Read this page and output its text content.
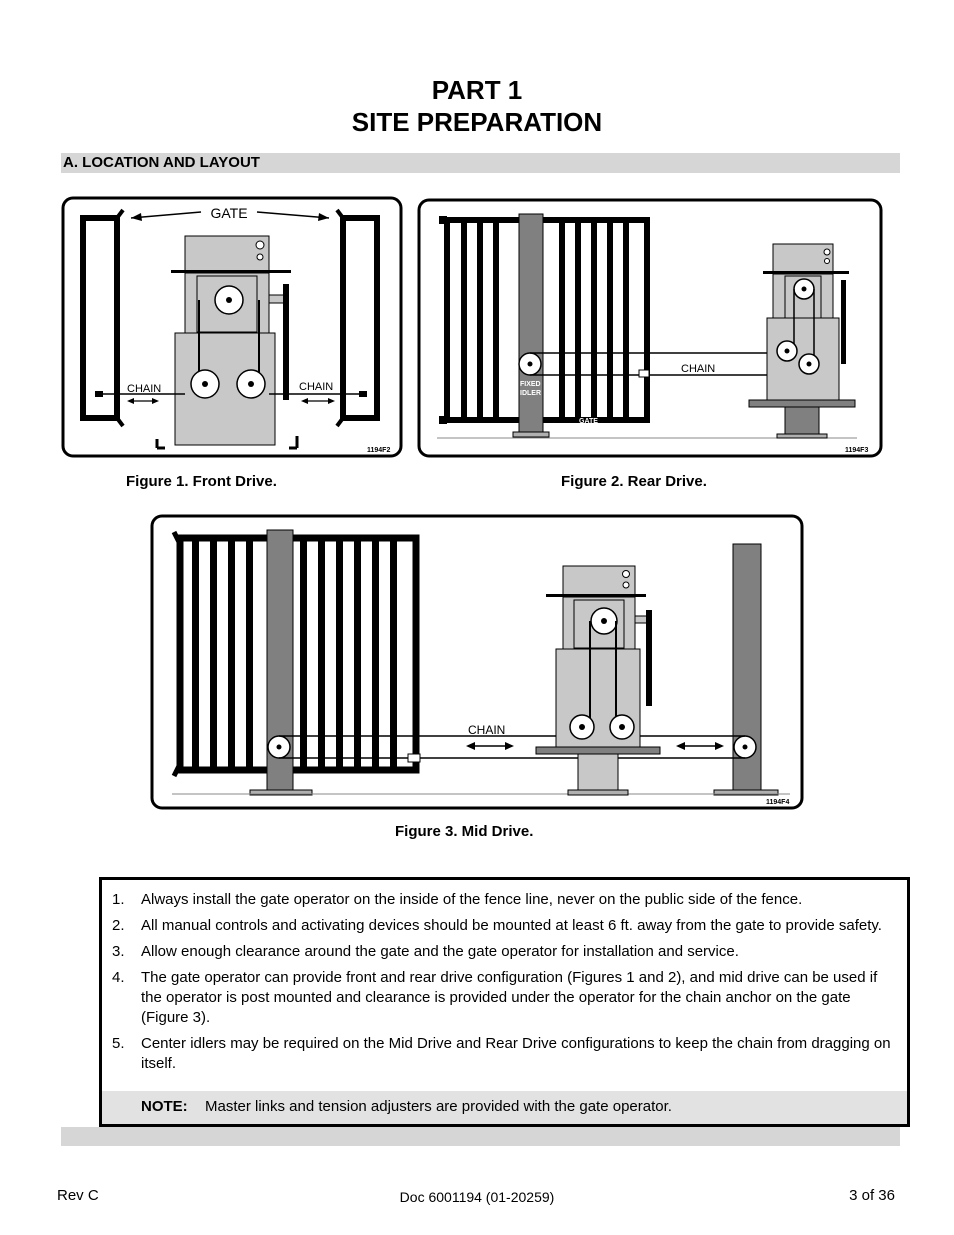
PART 1
SITE PREPARATION
A. LOCATION AND LAYOUT
GATE
CHAIN	CHAIN
1194F2
FIXED
IDLER
GATE
CHAIN
1194F3
Figure 1. Front Drive.	Figure 2. Rear Drive.
CHAIN
1194F4
Figure 3. Mid Drive.
1. Always install the gate operator on the inside of the fence line, never on the public side of the fence.
2. All manual controls and activating devices should be mounted at least 6 ft. away from the gate to provide safety.
3. Allow enough clearance around the gate and the gate operator for installation and service.
4. The gate operator can provide front and rear drive configuration (Figures 1 and 2), and mid drive can be used if the operator is post mounted and clearance is provided under the operator for the chain anchor on the gate (Figure 3).
5. Center idlers may be required on the Mid Drive and Rear Drive configurations to keep the chain from dragging on itself.
NOTE: Master links and tension adjusters are provided with the gate operator.
Rev C	Doc 6001194 (01-20259)	3 of 36
